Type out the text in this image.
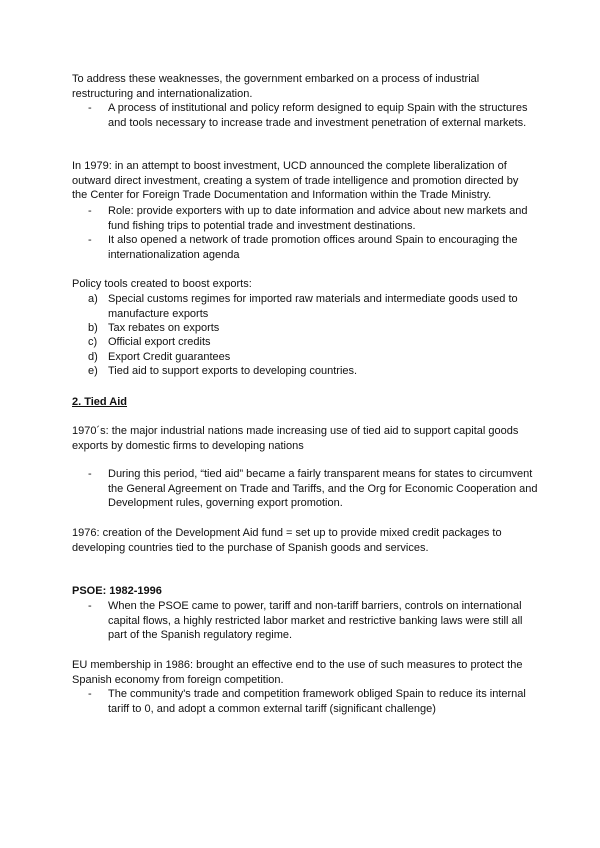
To address these weaknesses, the government embarked on a process of industrial restructuring and internationalization.

- A process of institutional and policy reform designed to equip Spain with the structures and tools necessary to increase trade and investment penetration of external markets.

In 1979: in an attempt to boost investment, UCD announced the complete liberalization of outward direct investment, creating a system of trade intelligence and promotion directed by the Center for Foreign Trade Documentation and Information within the Trade Ministry.

- Role: provide exporters with up to date information and advice about new markets and fund fishing trips to potential trade and investment destinations.
- It also opened a network of trade promotion offices around Spain to encouraging the internationalization agenda

Policy tools created to boost exports:

a) Special customs regimes for imported raw materials and intermediate goods used to manufacture exports
b) Tax rebates on exports
c) Official export credits
d) Export Credit guarantees
e) Tied aid to support exports to developing countries.

2. Tied Aid

1970´s: the major industrial nations made increasing use of tied aid to support capital goods exports by domestic firms to developing nations

- During this period, “tied aid” became a fairly transparent means for states to circumvent the General Agreement on Trade and Tariffs, and the Org for Economic Cooperation and Development rules, governing export promotion.

1976: creation of the Development Aid fund = set up to provide mixed credit packages to developing countries tied to the purchase of Spanish goods and services.

PSOE: 1982-1996

- When the PSOE came to power, tariff and non-tariff barriers, controls on international capital flows, a highly restricted labor market and restrictive banking laws were still all part of the Spanish regulatory regime.

EU membership in 1986: brought an effective end to the use of such measures to protect the Spanish economy from foreign competition.

- The community's trade and competition framework obliged Spain to reduce its internal tariff to 0, and adopt a common external tariff (significant challenge)
